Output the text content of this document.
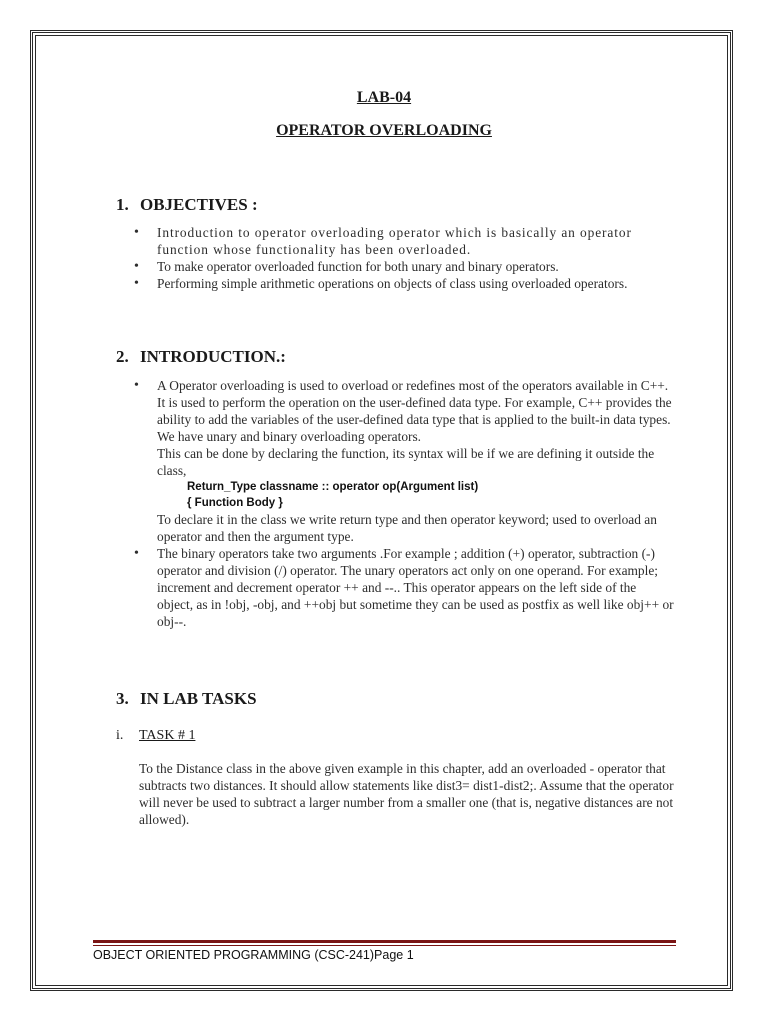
LAB-04
OPERATOR OVERLOADING
1. OBJECTIVES :
• Introduction to operator overloading operator which is basically an operator function whose functionality has been overloaded.
• To make operator overloaded function for both unary and binary operators.
• Performing simple arithmetic operations on objects of class using overloaded operators.
2. INTRODUCTION.:
• A Operator overloading is used to overload or redefines most of the operators available in C++. It is used to perform the operation on the user-defined data type. For example, C++ provides the ability to add the variables of the user-defined data type that is applied to the built-in data types. We have unary and binary overloading operators.
This can be done by declaring the function, its syntax will be if we are defining it outside the class,
Return_Type classname :: operator op(Argument list)
{ Function Body }
To declare it in the class we write return type and then operator keyword; used to overload an operator and then the argument type.
• The binary operators take two arguments .For example ; addition (+) operator, subtraction (-) operator and division (/) operator. The unary operators act only on one operand. For example; increment and decrement operator ++ and --.. This operator appears on the left side of the object, as in !obj, -obj, and ++obj but sometime they can be used as postfix as well like obj++ or obj--.
3. IN LAB TASKS
i. TASK # 1
To the Distance class in the above given example in this chapter, add an overloaded - operator that subtracts two distances. It should allow statements like dist3= dist1-dist2;. Assume that the operator will never be used to subtract a larger number from a smaller one (that is, negative distances are not allowed).
OBJECT ORIENTED PROGRAMMING (CSC-241)Page 1
